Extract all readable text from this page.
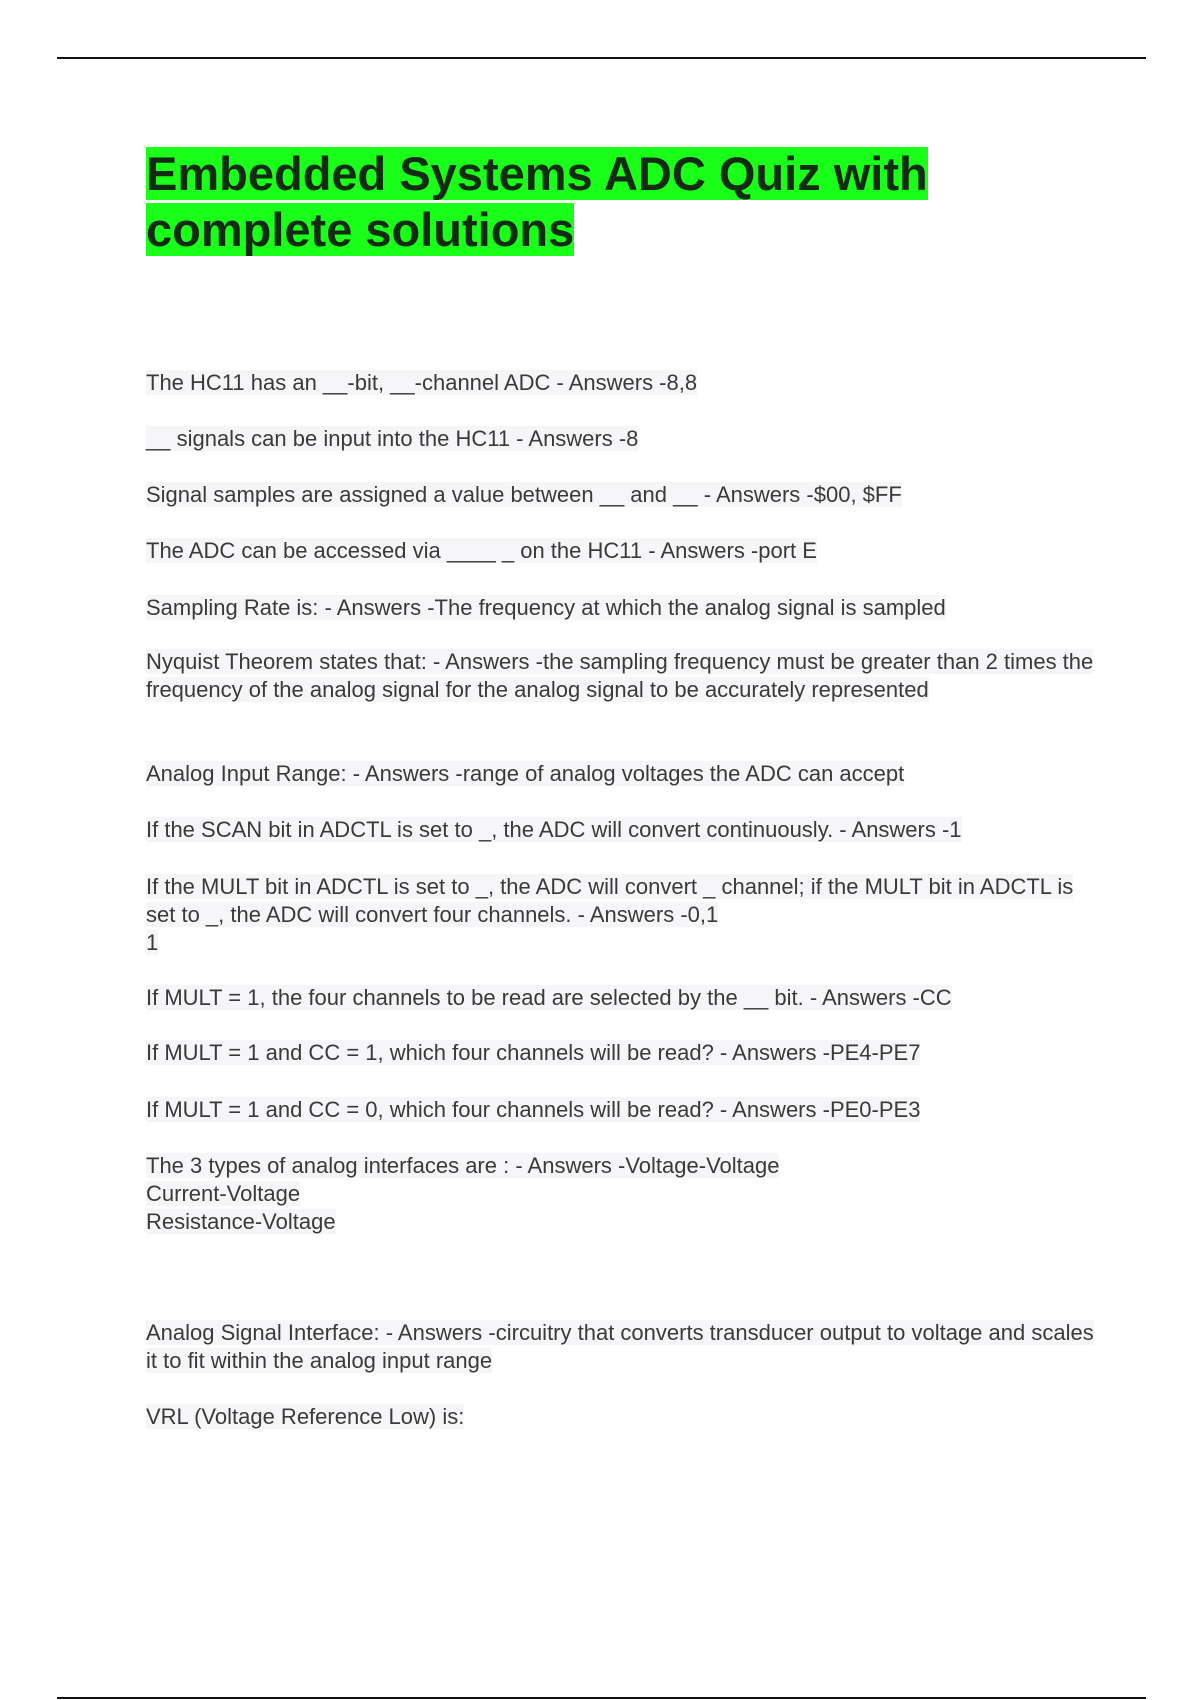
Embedded Systems ADC Quiz with
complete solutions

The HC11 has an __-bit, __-channel ADC - Answers -8,8

__ signals can be input into the HC11 - Answers -8

Signal samples are assigned a value between __ and __ - Answers -$00, $FF

The ADC can be accessed via ____ _ on the HC11 - Answers -port E

Sampling Rate is: - Answers -The frequency at which the analog signal is sampled

Nyquist Theorem states that: - Answers -the sampling frequency must be greater than 2 times the frequency of the analog signal for the analog signal to be accurately represented

Analog Input Range: - Answers -range of analog voltages the ADC can accept

If the SCAN bit in ADCTL is set to _, the ADC will convert continuously. - Answers -1

If the MULT bit in ADCTL is set to _, the ADC will convert _ channel; if the MULT bit in ADCTL is set to _, the ADC will convert four channels. - Answers -0,1
1

If MULT = 1, the four channels to be read are selected by the __ bit. - Answers -CC

If MULT = 1 and CC = 1, which four channels will be read? - Answers -PE4-PE7

If MULT = 1 and CC = 0, which four channels will be read? - Answers -PE0-PE3

The 3 types of analog interfaces are : - Answers -Voltage-Voltage
Current-Voltage
Resistance-Voltage

Analog Signal Interface: - Answers -circuitry that converts transducer output to voltage and scales it to fit within the analog input range

VRL (Voltage Reference Low) is:
